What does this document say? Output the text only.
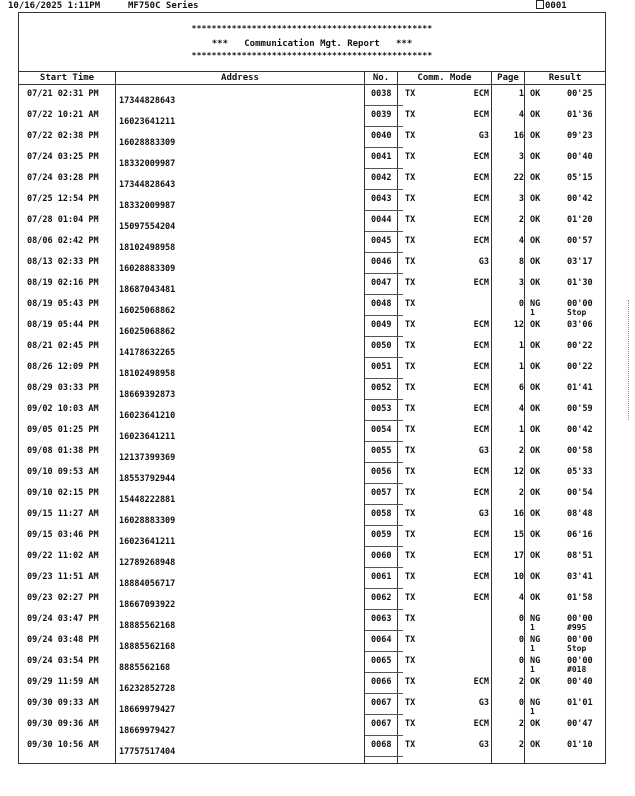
10/16/2025 1:11PM	MF750C Series	0001
************************************************
*** Communication Mgt. Report ***
************************************************
Start Time	Address	No.	Comm. Mode	Page	Result
07/21 02:31 PM
17344828643
0038 TX	ECM	1 OK	00'25
07/22 10:21 AM
16023641211
0039 TX	ECM	4 OK	01'36
07/22 02:38 PM
16028883309
0040 TX	G3	16 OK	09'23
07/24 03:25 PM
18332009987
0041 TX	ECM	3 OK	00'40
07/24 03:28 PM
17344828643
0042 TX	ECM	22 OK	05'15
07/25 12:54 PM
18332009987
0043 TX	ECM	3 OK	00'42
07/28 01:04 PM
15097554204
0044 TX	ECM	2 OK	01'20
08/06 02:42 PM
18102498958
0045 TX	ECM	4 OK	00'57
08/13 02:33 PM
16028883309
0046 TX	G3	8 OK	03'17
08/19 02:16 PM
18687043481
0047 TX	ECM	3 OK	01'30
08/19 05:43 PM
16025068862
0048 TX	0 NG	00'00
1	Stop
08/19 05:44 PM
16025068862
0049 TX	ECM	12 OK	03'06
08/21 02:45 PM
14178632265
0050 TX	ECM	1 OK	00'22
08/26 12:09 PM
18102498958
0051 TX	ECM	1 OK	00'22
08/29 03:33 PM
18669392873
0052 TX	ECM	6 OK	01'41
09/02 10:03 AM
16023641210
0053 TX	ECM	4 OK	00'59
09/05 01:25 PM
16023641211
0054 TX	ECM	1 OK	00'42
09/08 01:38 PM
12137399369
0055 TX	G3	2 OK	00'58
09/10 09:53 AM
18553792944
0056 TX	ECM	12 OK	05'33
09/10 02:15 PM
15448222881
0057 TX	ECM	2 OK	00'54
09/15 11:27 AM
16028883309
0058 TX	G3	16 OK	08'48
09/15 03:46 PM
16023641211
0059 TX	ECM	15 OK	06'16
09/22 11:02 AM
12789268948
0060 TX	ECM	17 OK	08'51
09/23 11:51 AM
18884056717
0061 TX	ECM	10 OK	03'41
09/23 02:27 PM
18667093922
0062 TX	ECM	4 OK	01'58
09/24 03:47 PM
18885562168
0063 TX	0 NG	00'00
1	#995
09/24 03:48 PM
18885562168
0064 TX	0 NG	00'00
1	Stop
09/24 03:54 PM
8885562168
0065 TX	0 NG	00'00
1	#018
09/29 11:59 AM
16232852728
0066 TX	ECM	2 OK	00'40
09/30 09:33 AM
18669979427
0067 TX	G3	0 NG	01'01
1
09/30 09:36 AM
18669979427
0067 TX	ECM	2 OK	00'47
09/30 10:56 AM
17757517404
0068 TX	G3	2 OK	01'10
